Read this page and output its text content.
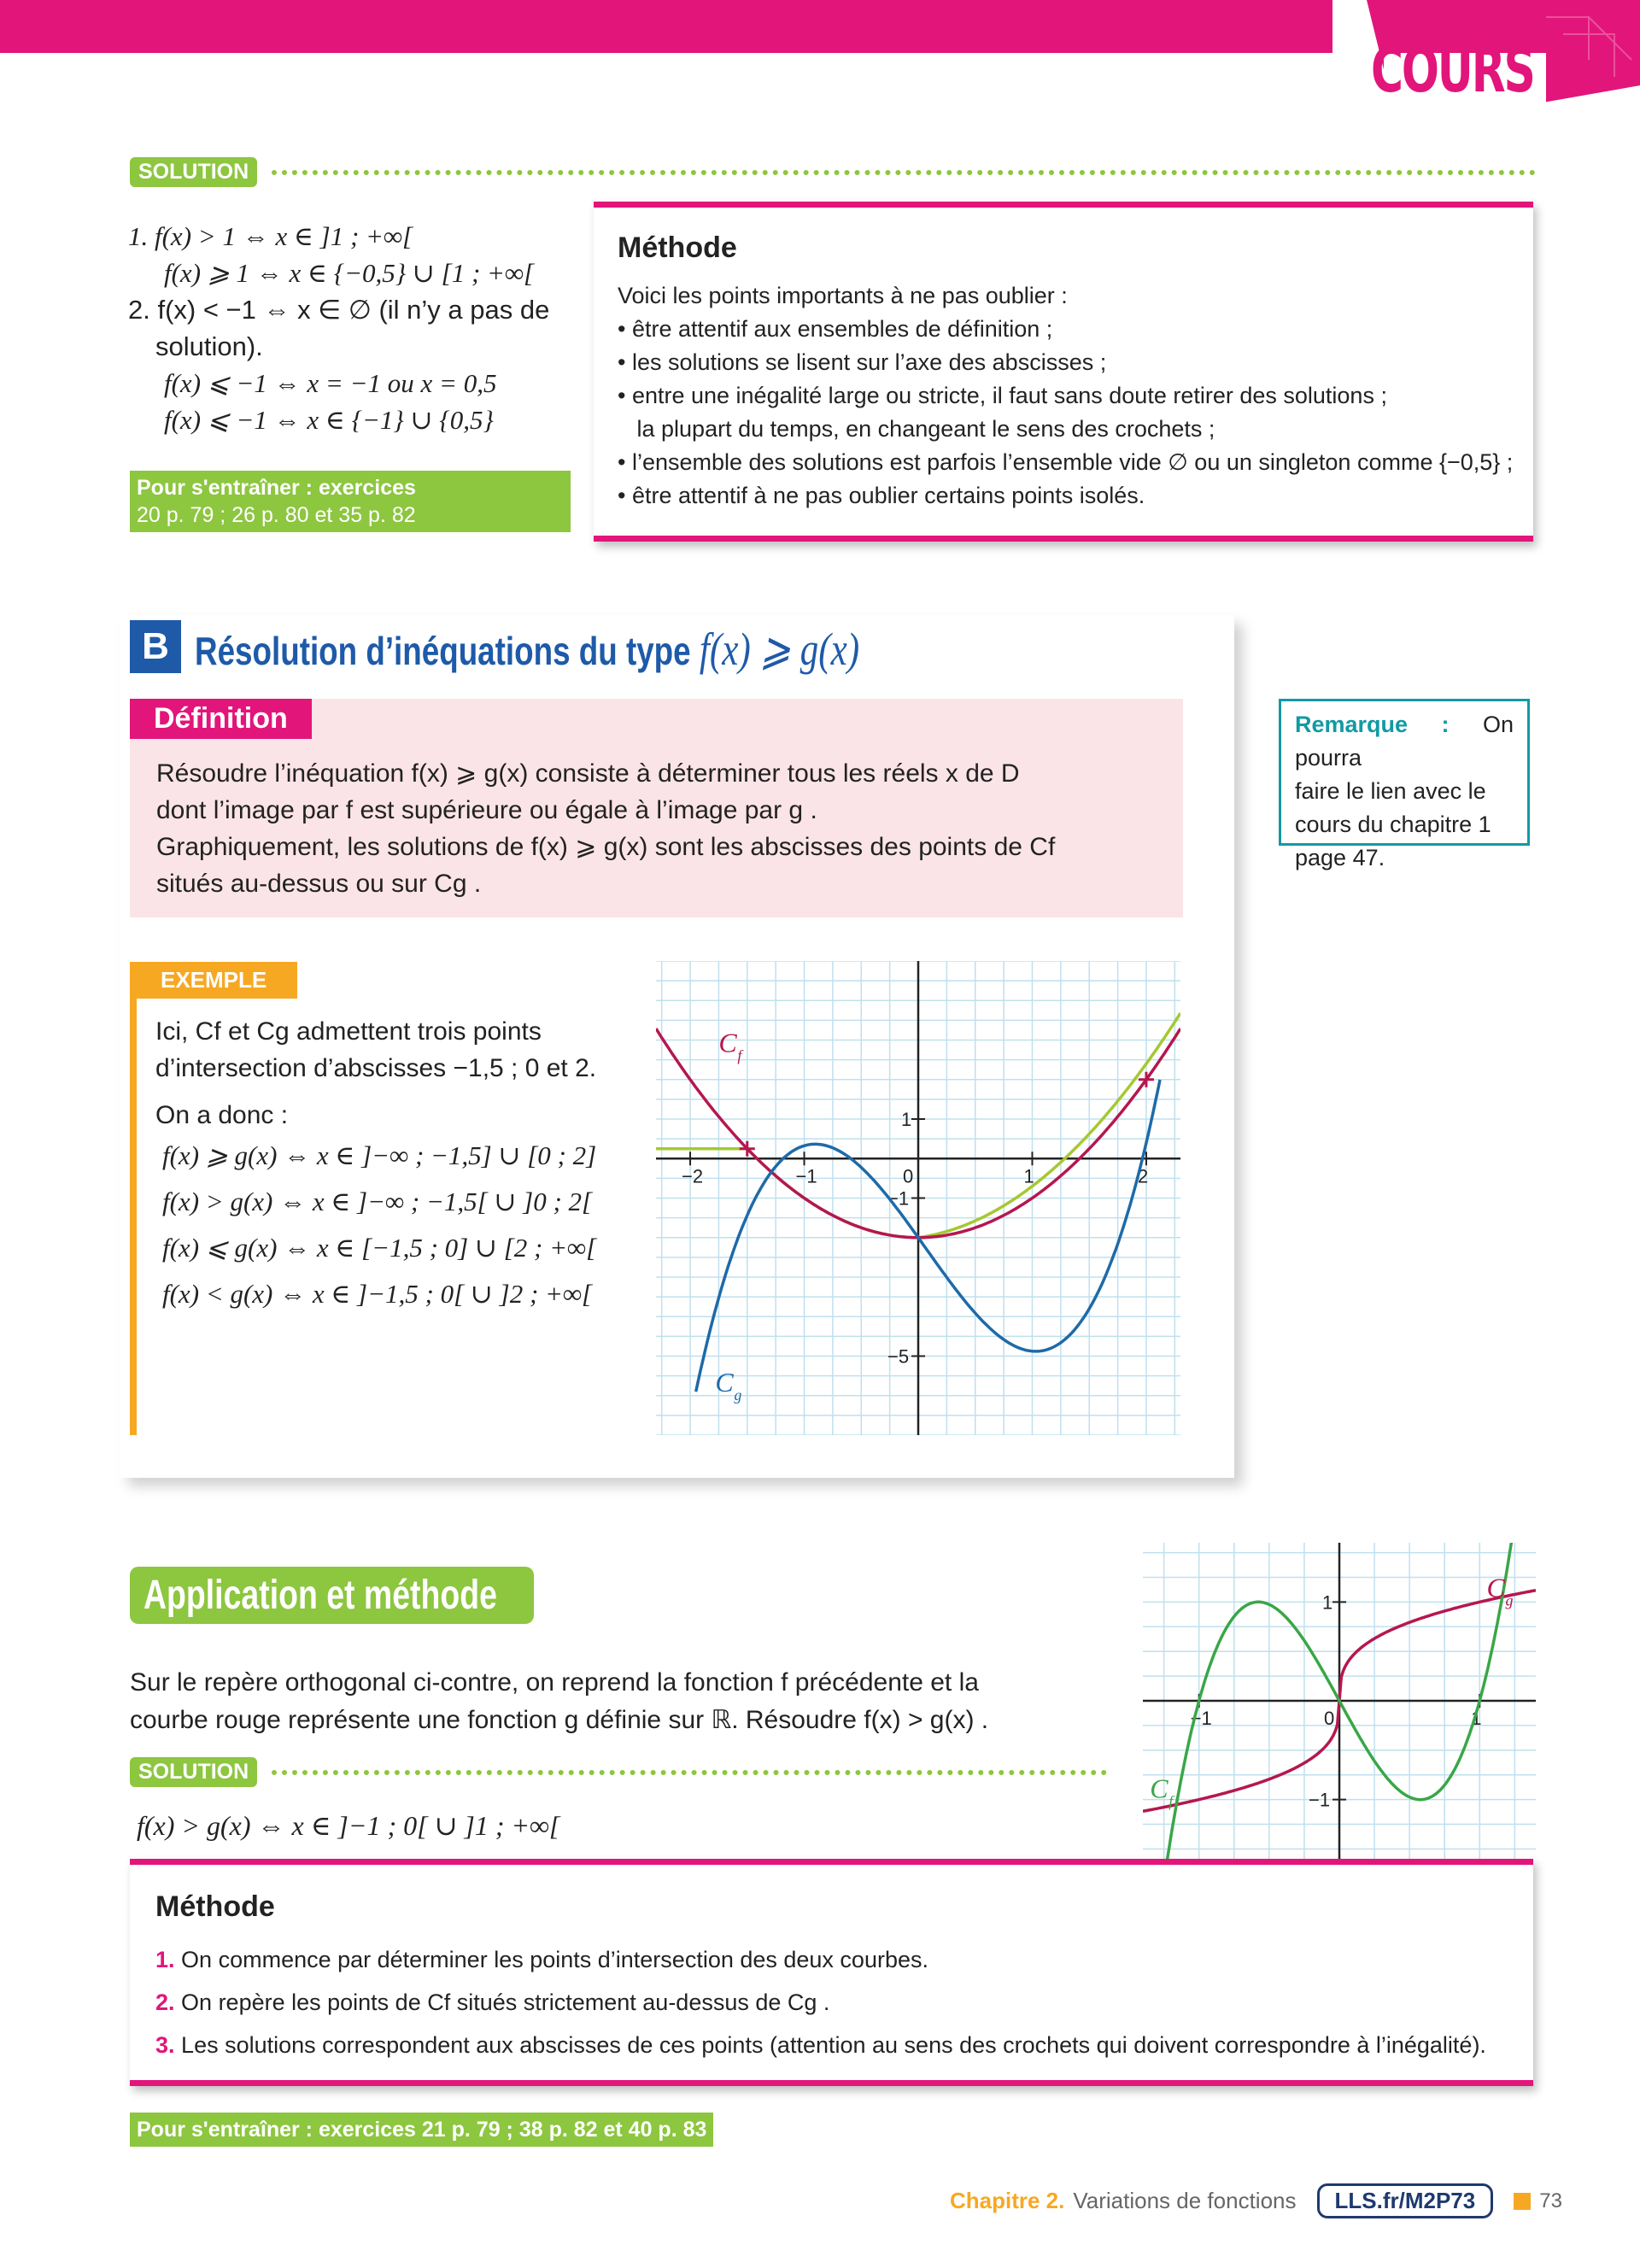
COURS
SOLUTION
1. f(x) > 1 ⇔ x ∈ ]1 ; +∞[
f(x) ⩾ 1 ⇔ x ∈ {−0,5} ∪ [1 ; +∞[
2. f(x) < −1 ⇔ x ∈ ∅ (il n’y a pas de
solution).
f(x) ⩽ −1 ⇔ x = −1 ou x = 0,5
f(x) ⩽ −1 ⇔ x ∈ {−1} ∪ {0,5}
Pour s'entraîner : exercices
20 p. 79 ; 26 p. 80 et 35 p. 82
Méthode
Voici les points importants à ne pas oublier :
• être attentif aux ensembles de définition ;
• les solutions se lisent sur l’axe des abscisses ;
• entre une inégalité large ou stricte, il faut sans doute retirer des solutions ;
la plupart du temps, en changeant le sens des crochets ;
• l’ensemble des solutions est parfois l’ensemble vide ∅ ou un singleton comme {−0,5} ;
• être attentif à ne pas oublier certains points isolés.
B Résolution d’inéquations du type f(x) ⩾ g(x)
Définition
Résoudre l’inéquation f(x) ⩾ g(x) consiste à déterminer tous les réels x de D
dont l’image par f est supérieure ou égale à l’image par g .
Graphiquement, les solutions de f(x) ⩾ g(x) sont les abscisses des points de Cf
situés au-dessus ou sur Cg .
Remarque : On pourra
faire le lien avec le
cours du chapitre 1
page 47.
EXEMPLE
Ici, Cf et Cg admettent trois points
d’intersection d’abscisses −1,5 ; 0 et 2.
On a donc :
f(x) ⩾ g(x) ⇔ x ∈ ]−∞ ; −1,5] ∪ [0 ; 2]
f(x) > g(x) ⇔ x ∈ ]−∞ ; −1,5[ ∪ ]0 ; 2[
f(x) ⩽ g(x) ⇔ x ∈ [−1,5 ; 0] ∪ [2 ; +∞[
f(x) < g(x) ⇔ x ∈ ]−1,5 ; 0[ ∪ ]2 ; +∞[
−2	−1	0	1	2
1
−1
−5
C f
C g
Application et méthode
Sur le repère orthogonal ci-contre, on reprend la fonction f précédente et la
courbe rouge représente une fonction g définie sur ℝ. Résoudre f(x) > g(x) .
SOLUTION
f(x) > g(x) ⇔ x ∈ ]−1 ; 0[ ∪ ]1 ; +∞[
−1	0	1
1
−1
C g
C f
Méthode
1. On commence par déterminer les points d’intersection des deux courbes.
2. On repère les points de Cf situés strictement au-dessus de Cg .
3. Les solutions correspondent aux abscisses de ces points (attention au sens des crochets qui doivent correspondre à l’inégalité).
Pour s'entraîner : exercices 21 p. 79 ; 38 p. 82 et 40 p. 83
Chapitre 2. Variations de fonctions	LLS.fr/M2P73	73
